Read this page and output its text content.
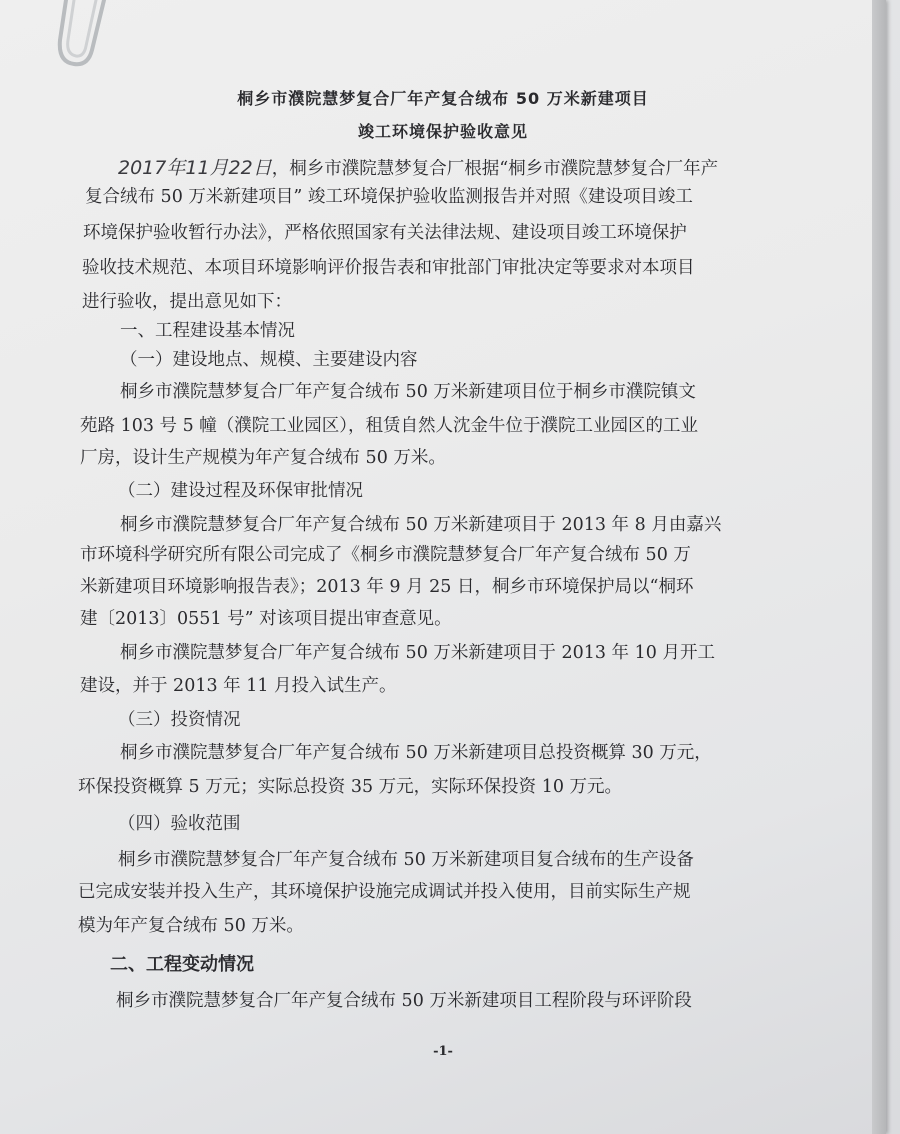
桐乡市濮院慧梦复合厂年产复合绒布 50 万米新建项目
竣工环境保护验收意见
2017年11月22日，桐乡市濮院慧梦复合厂根据“桐乡市濮院慧梦复合厂年产
复合绒布 50 万米新建项目” 竣工环境保护验收监测报告并对照《建设项目竣工
环境保护验收暂行办法》，严格依照国家有关法律法规、建设项目竣工环境保护
验收技术规范、本项目环境影响评价报告表和审批部门审批决定等要求对本项目
进行验收，提出意见如下：
一、工程建设基本情况
（一）建设地点、规模、主要建设内容
桐乡市濮院慧梦复合厂年产复合绒布 50 万米新建项目位于桐乡市濮院镇文
苑路 103 号 5 幢（濮院工业园区），租赁自然人沈金牛位于濮院工业园区的工业
厂房，设计生产规模为年产复合绒布 50 万米。
（二）建设过程及环保审批情况
桐乡市濮院慧梦复合厂年产复合绒布 50 万米新建项目于 2013 年 8 月由嘉兴
市环境科学研究所有限公司完成了《桐乡市濮院慧梦复合厂年产复合绒布 50 万
米新建项目环境影响报告表》；2013 年 9 月 25 日，桐乡市环境保护局以“桐环
建〔2013〕0551 号” 对该项目提出审查意见。
桐乡市濮院慧梦复合厂年产复合绒布 50 万米新建项目于 2013 年 10 月开工
建设，并于 2013 年 11 月投入试生产。
（三）投资情况
桐乡市濮院慧梦复合厂年产复合绒布 50 万米新建项目总投资概算 30 万元，
环保投资概算 5 万元；实际总投资 35 万元，实际环保投资 10 万元。
（四）验收范围
桐乡市濮院慧梦复合厂年产复合绒布 50 万米新建项目复合绒布的生产设备
已完成安装并投入生产，其环境保护设施完成调试并投入使用，目前实际生产规
模为年产复合绒布 50 万米。
二、工程变动情况
桐乡市濮院慧梦复合厂年产复合绒布 50 万米新建项目工程阶段与环评阶段
-1-
